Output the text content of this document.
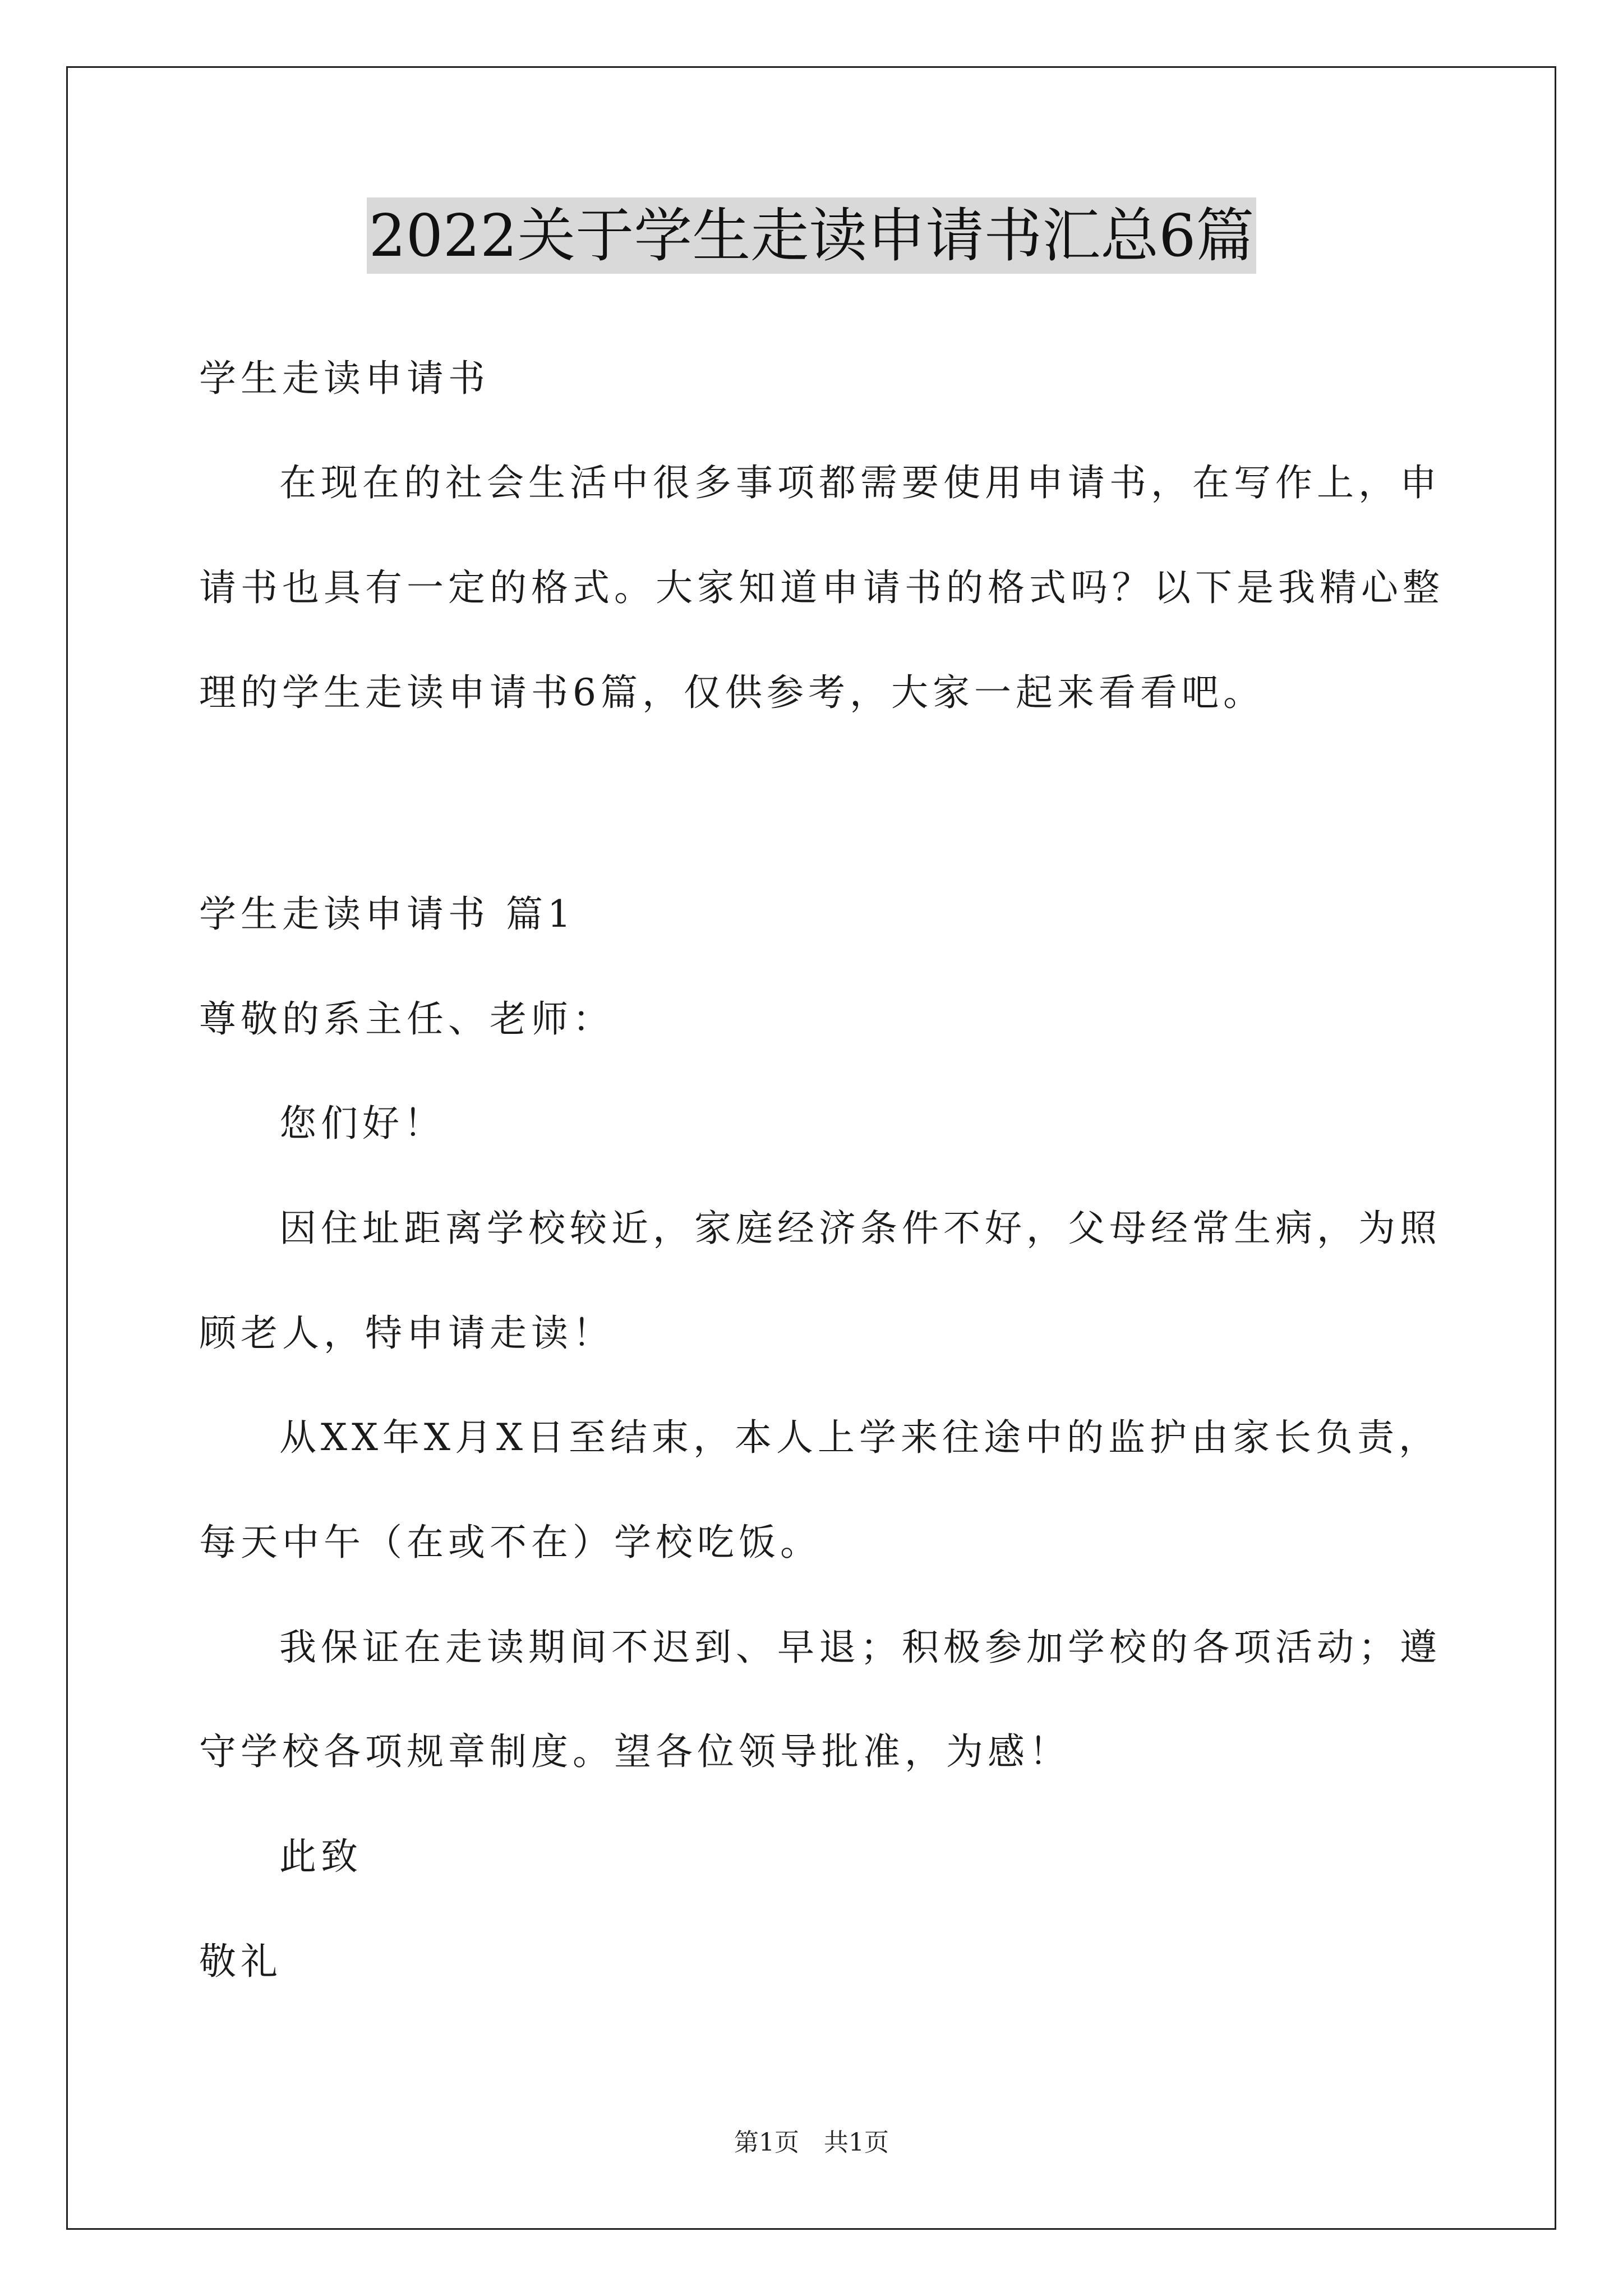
2022关于学生走读申请书汇总6篇
学生走读申请书
在现在的社会生活中很多事项都需要使用申请书，在写作上，申
请书也具有一定的格式。大家知道申请书的格式吗？以下是我精心整
理的学生走读申请书6篇，仅供参考，大家一起来看看吧。
学生走读申请书 篇1
尊敬的系主任、老师：
您们好！
因住址距离学校较近，家庭经济条件不好，父母经常生病，为照
顾老人，特申请走读！
从XX年X月X日至结束，本人上学来往途中的监护由家长负责，
每天中午（在或不在）学校吃饭。
我保证在走读期间不迟到、早退；积极参加学校的各项活动；遵
守学校各项规章制度。望各位领导批准，为感！
此致
敬礼
第1页 共1页
